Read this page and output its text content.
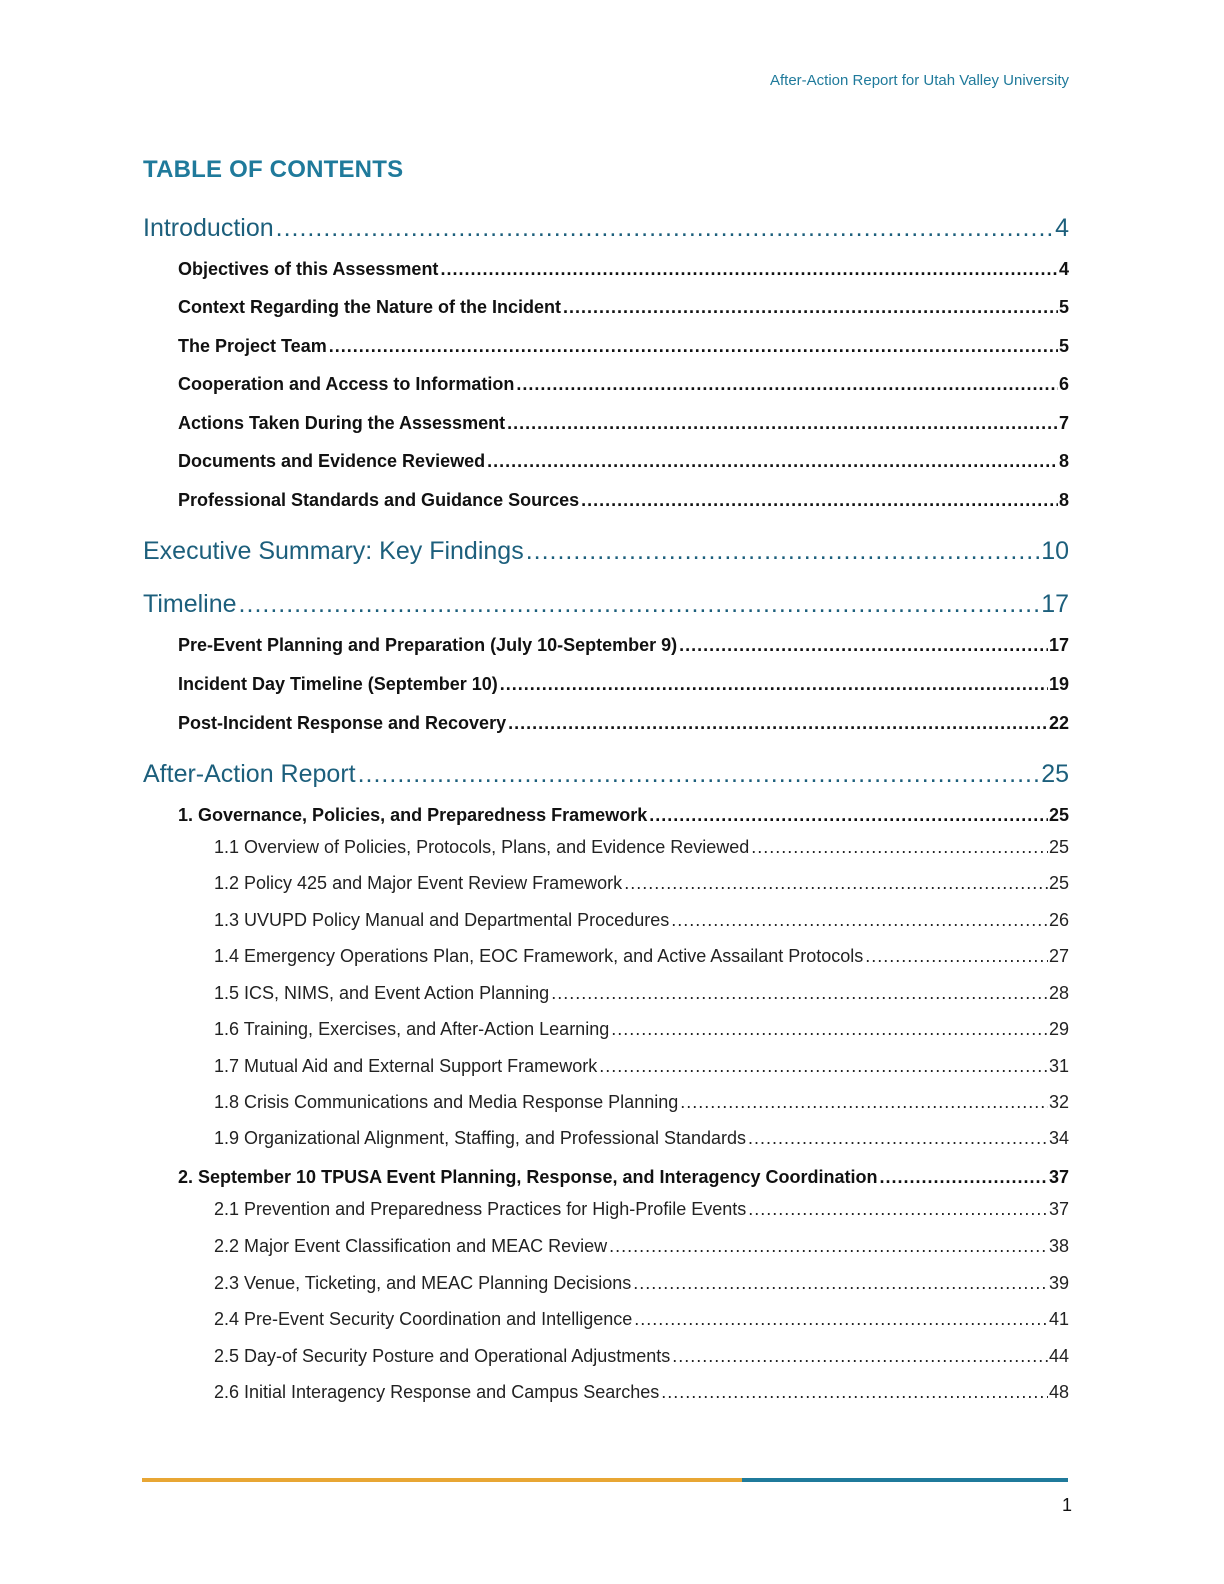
After-Action Report for Utah Valley University
TABLE OF CONTENTS
Introduction .....	4
Objectives of this Assessment .....	4
Context Regarding the Nature of the Incident .....	5
The Project Team .....	5
Cooperation and Access to Information .....	6
Actions Taken During the Assessment .....	7
Documents and Evidence Reviewed .....	8
Professional Standards and Guidance Sources .....	8
Executive Summary: Key Findings .....	10
Timeline .....	17
Pre-Event Planning and Preparation (July 10-September 9) .....	17
Incident Day Timeline (September 10) .....	19
Post-Incident Response and Recovery .....	22
After-Action Report .....	25
1. Governance, Policies, and Preparedness Framework .....	25
1.1 Overview of Policies, Protocols, Plans, and Evidence Reviewed .....	25
1.2 Policy 425 and Major Event Review Framework .....	25
1.3 UVUPD Policy Manual and Departmental Procedures .....	26
1.4 Emergency Operations Plan, EOC Framework, and Active Assailant Protocols .....	27
1.5 ICS, NIMS, and Event Action Planning .....	28
1.6 Training, Exercises, and After-Action Learning .....	29
1.7 Mutual Aid and External Support Framework .....	31
1.8 Crisis Communications and Media Response Planning .....	32
1.9 Organizational Alignment, Staffing, and Professional Standards .....	34
2. September 10 TPUSA Event Planning, Response, and Interagency Coordination .....	37
2.1 Prevention and Preparedness Practices for High-Profile Events .....	37
2.2 Major Event Classification and MEAC Review .....	38
2.3 Venue, Ticketing, and MEAC Planning Decisions .....	39
2.4 Pre-Event Security Coordination and Intelligence .....	41
2.5 Day-of Security Posture and Operational Adjustments .....	44
2.6 Initial Interagency Response and Campus Searches .....	48
1
